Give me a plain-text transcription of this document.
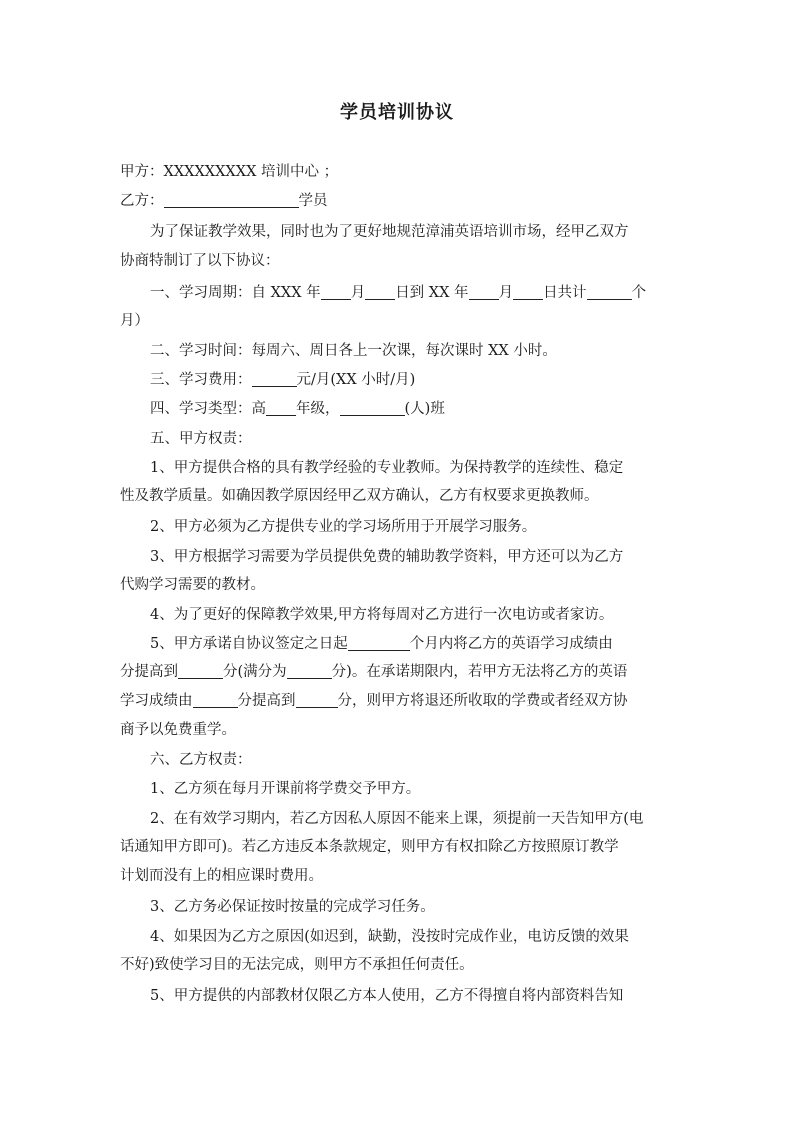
学员培训协议
甲方：XXXXXXXXX 培训中心 ；
乙方：	学员
为了保证教学效果，同时也为了更好地规范漳浦英语培训市场，经甲乙双方
协商特制订了以下协议：
一、学习周期：自 XXX 年 月 日到 XX 年 月 日共计	个
月）
二、学习时间：每周六、周日各上一次课，每次课时 XX 小时。
三、学习费用：	元/月(XX 小时/月)
四、学习类型：高 年级，	(人)班
五、甲方权责：
1、甲方提供合格的具有教学经验的专业教师。为保持教学的连续性、稳定
性及教学质量。如确因教学原因经甲乙双方确认，乙方有权要求更换教师。
2、甲方必须为乙方提供专业的学习场所用于开展学习服务。
3、甲方根据学习需要为学员提供免费的辅助教学资料，甲方还可以为乙方
代购学习需要的教材。
4、为了更好的保障教学效果,甲方将每周对乙方进行一次电访或者家访。
5、甲方承诺自协议签定之日起	个月内将乙方的英语学习成绩由
分提高到	分(满分为	分)。在承诺期限内，若甲方无法将乙方的英语
学习成绩由	分提高到	分，则甲方将退还所收取的学费或者经双方协
商予以免费重学。
六、乙方权责：
1、乙方须在每月开课前将学费交予甲方。
2、在有效学习期内，若乙方因私人原因不能来上课，须提前一天告知甲方(电
话通知甲方即可)。若乙方违反本条款规定，则甲方有权扣除乙方按照原订教学
计划而没有上的相应课时费用。
3、乙方务必保证按时按量的完成学习任务。
4、如果因为乙方之原因(如迟到，缺勤，没按时完成作业，电访反馈的效果
不好)致使学习目的无法完成，则甲方不承担任何责任。
5、甲方提供的内部教材仅限乙方本人使用，乙方不得擅自将内部资料告知
